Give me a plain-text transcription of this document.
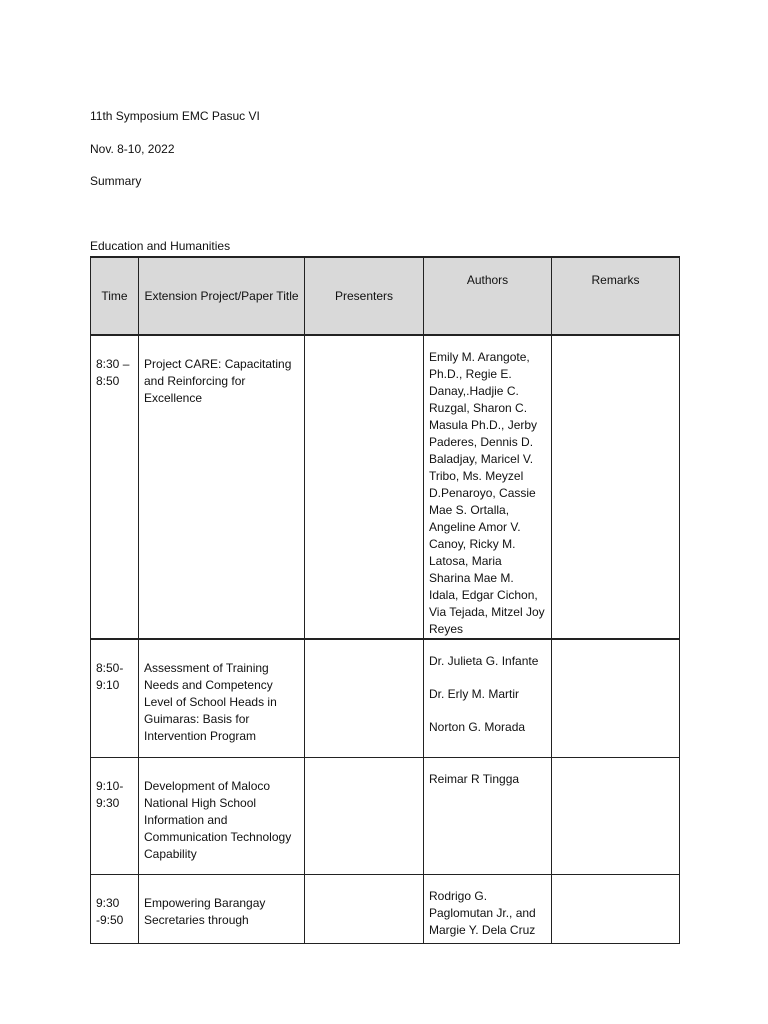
11th Symposium EMC Pasuc VI

Nov. 8-10, 2022

Summary

Education and Humanities

Time	Extension Project/Paper Title	Presenters	Authors	Remarks
8:30 – 8:50	Project CARE: Capacitating and Reinforcing for Excellence		Emily M. Arangote, Ph.D., Regie E. Danay,.Hadjie C. Ruzgal, Sharon C. Masula Ph.D., Jerby Paderes, Dennis D. Baladjay, Maricel V. Tribo, Ms. Meyzel D.Penaroyo, Cassie Mae S. Ortalla, Angeline Amor V. Canoy, Ricky M. Latosa, Maria Sharina Mae M. Idala, Edgar Cichon, Via Tejada, Mitzel Joy Reyes	

8:50-9:10	Assessment of Training Needs and Competency Level of School Heads in Guimaras: Basis for Intervention Program		Dr. Julieta G. Infante

Dr. Erly M. Martir

Norton G. Morada	

9:10-9:30	Development of Maloco National High School Information and Communication Technology Capability		Reimar R Tingga	

9:30 -9:50	Empowering Barangay Secretaries through		Rodrigo G. Paglomutan Jr., and Margie Y. Dela Cruz	
